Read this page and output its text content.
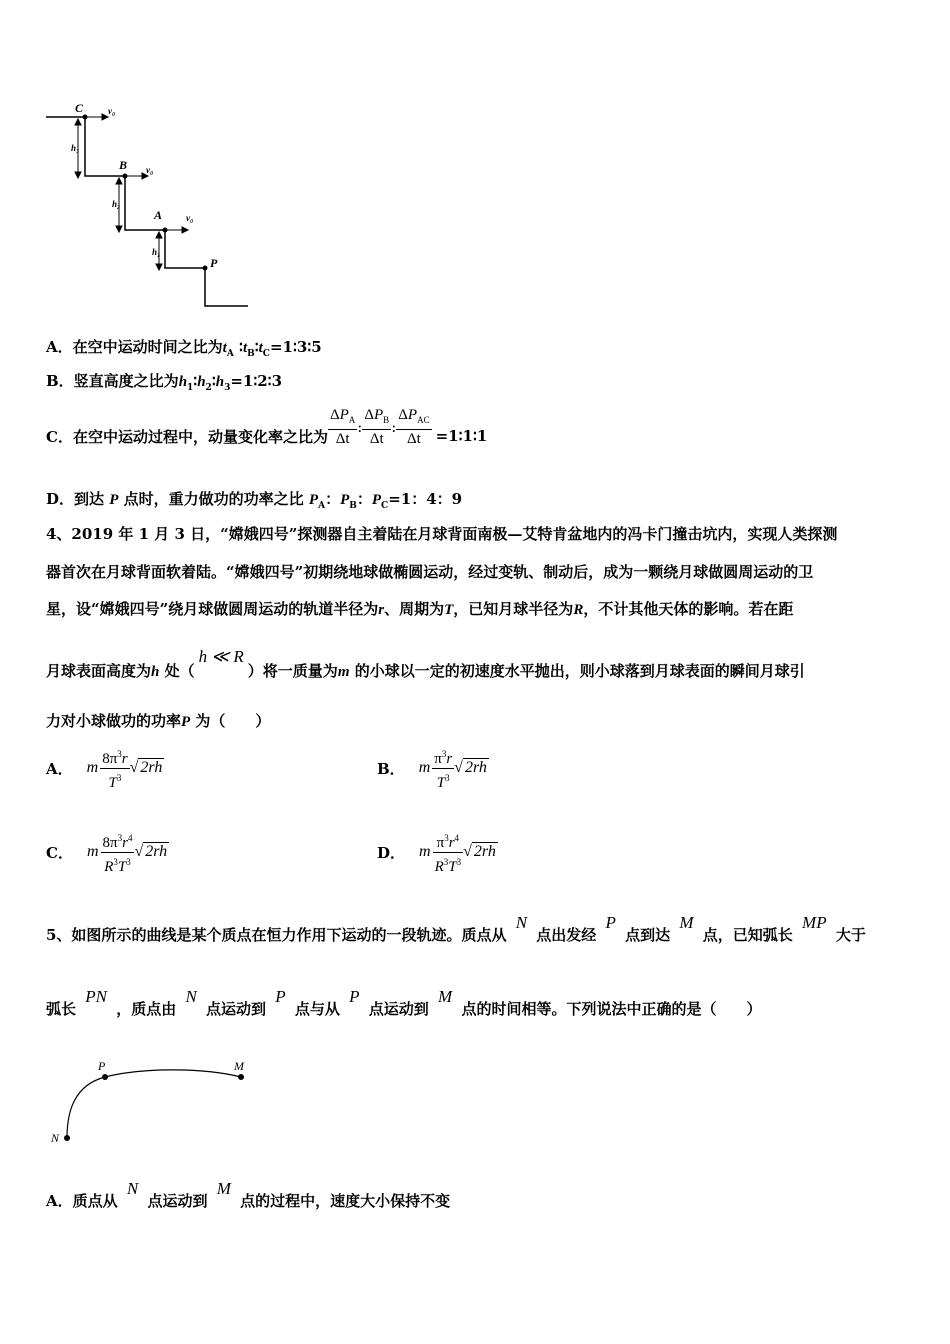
C	v₀
B v₀
A	v₀
P
h₃
h₂
h₁
A．在空中运动时间之比为$t_A$ $∶t_B∶t_C=1∶3∶5$
B．竖直高度之比为$h_1∶h_2∶h_3=1∶2∶3$
C．在空中运动过程中，动量变化率之比为 $\frac{\Delta P_A}{\Delta t}$ : $\frac{\Delta P_B}{\Delta t}$ : $\frac{\Delta P_{AC}}{\Delta t}$ =1∶1∶1
D．到达 P 点时，重力做功的功率之比 $P_A$：$P_B$：$P_C=1$：4：9
4、2019 年 1 月 3 日，“嫦娥四号”探测器自主着陆在月球背面南极—艾特肯盆地内的冯卡门撞击坑内，实现人类探测
器首次在月球背面软着陆。“嫦娥四号”初期绕地球做椭圆运动，经过变轨、制动后，成为一颗绕月球做圆周运动的卫
星，设“嫦娥四号”绕月球做圆周运动的轨道半径为r、周期为T，已知月球半径为R，不计其他天体的影响。若在距
月球表面高度为h 处（h ≪ R）将一质量为m 的小球以一定的初速度水平抛出，则小球落到月球表面的瞬间月球引
力对小球做功的功率P 为（　　）
A． m $\frac{8\pi^3r}{T^3}$ √ 2rh	B． m $\frac{\pi^3r}{T^3}$ √ 2rh
C． m $\frac{8\pi^3r^4}{R^3T^3}$ √ 2rh	D． m $\frac{\pi^3r^4}{R^3T^3}$ √ 2rh
5、如图所示的曲线是某个质点在恒力作用下运动的一段轨迹。质点从 N 点出发经 P 点到达 M 点，已知弧长 MP 大于
弧长 PN ，质点由 N 点运动到 P 点与从 P 点运动到 M 点的时间相等。下列说法中正确的是（　　）
N
P	M
A．质点从 N 点运动到 M 点的过程中，速度大小保持不变
